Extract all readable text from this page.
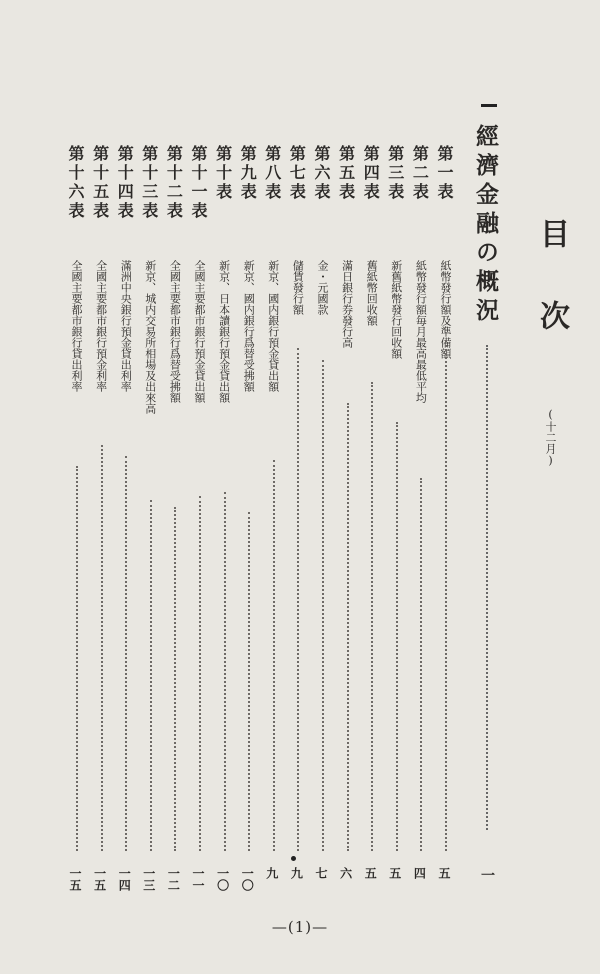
目次
(十二月)
經濟金融の概況
一
第一表
紙幣發行額及準備額
五
第二表
紙幣發行額毎月最高最低平均
四
第三表
新舊紙幣發行回收額
五
第四表
舊紙幣回收額
五
第五表
滿日銀行券發行高
六
第六表
金・元國款
七
第七表
儲賃發行額
九
第八表
新京、國内銀行預金貸出額
九
第九表
新京、國内銀行爲替受拂額
一〇
第十表
新京、日本讀銀行預金貸出額
一〇
第十一表
全國主要都市銀行預金貸出額
一一
第十二表
全國主要都市銀行爲替受拂額
一二
第十三表
新京、城内交易所相場及出來高
一三
第十四表
滿洲中央銀行預金貸出利率
一四
第十五表
全國主要都市銀行預金利率
一五
第十六表
全國主要都市銀行貸出利率
一五
—(1)—
